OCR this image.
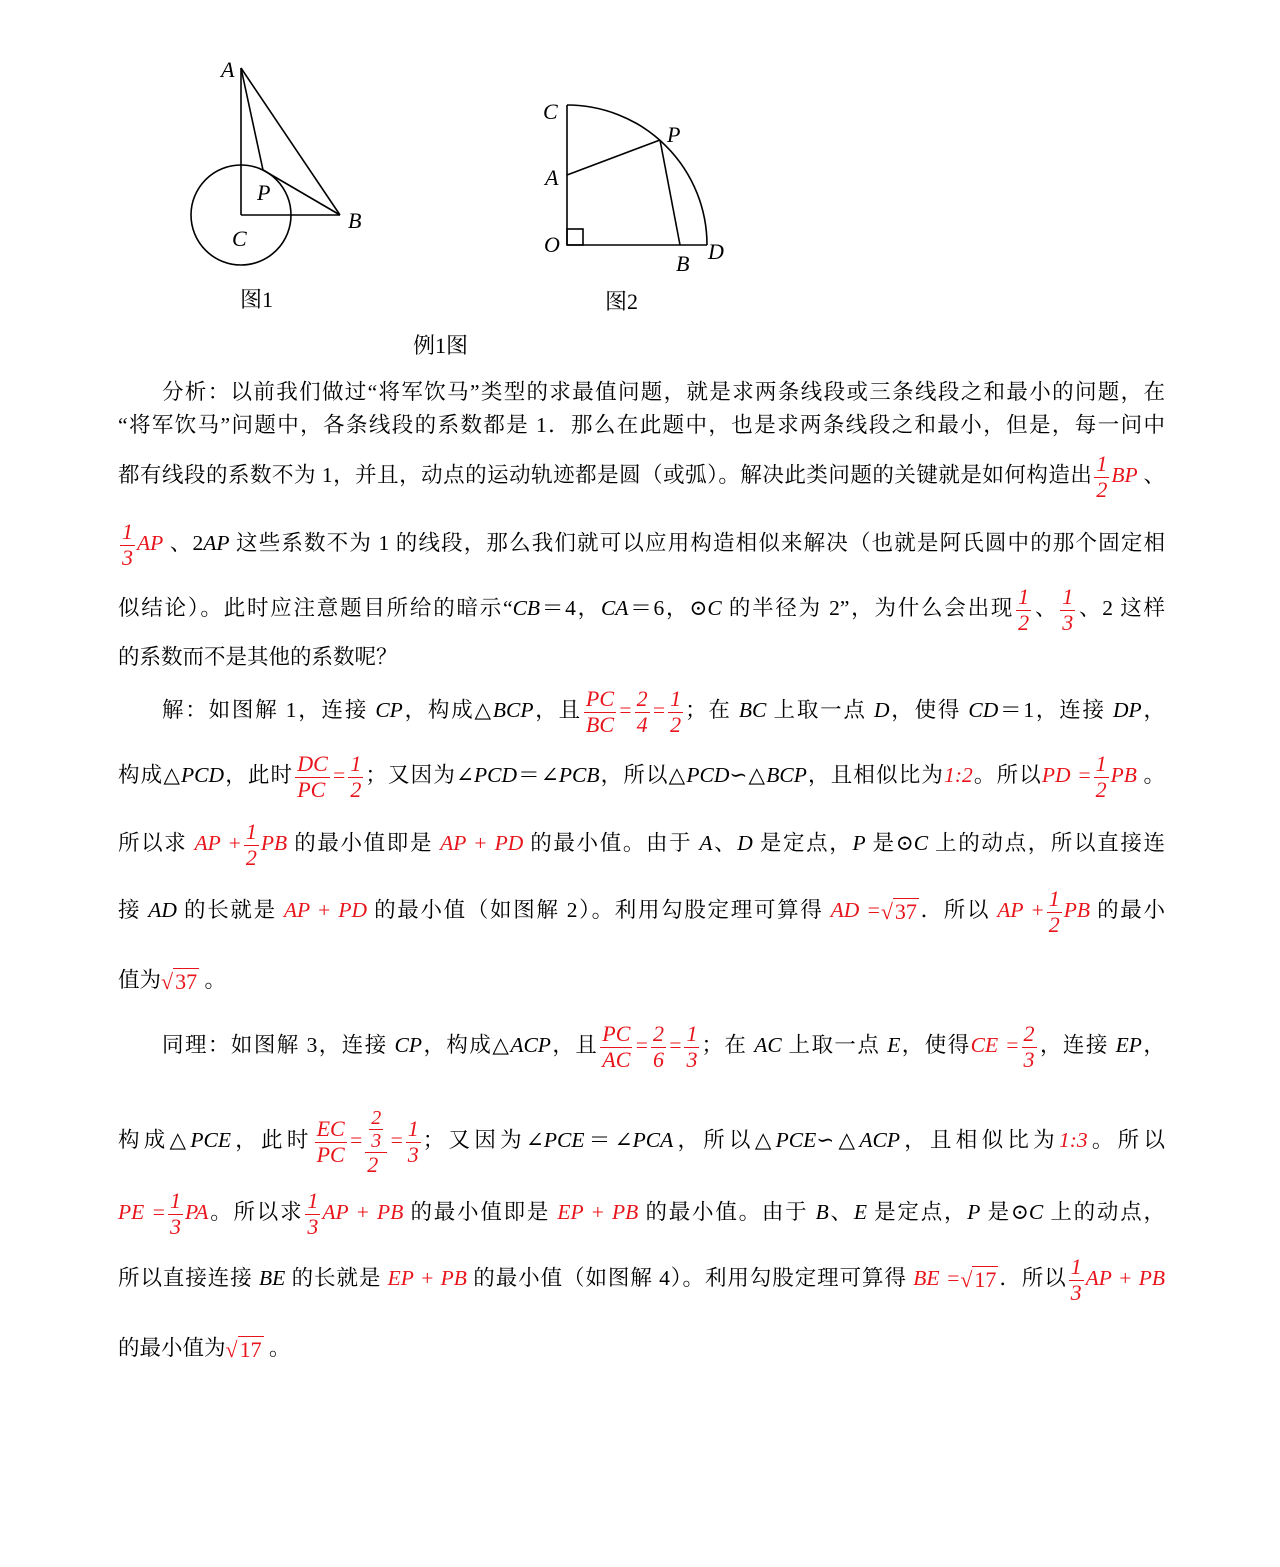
A
P
C
B
C
P
A
O
B D
图1	图2
例1图
分析：以前我们做过“将军饮马”类型的求最值问题，就是求两条线段或三条线段之和最小的问题，在
“将军饮马”问题中，各条线段的系数都是 1．那么在此题中，也是求两条线段之和最小，但是，每一问中
都有线段的系数不为 1，并且，动点的运动轨迹都是圆（或弧）。解决此类问题的关键就是如何构造出 $\frac{1}{2}$ BP 、
$\frac{1}{3}$ AP 、2AP 这些系数不为 1 的线段，那么我们就可以应用构造相似来解决（也就是阿氏圆中的那个固定相
似结论）。此时应注意题目所给的暗示“CB＝4，CA＝6，⊙C 的半径为 2”，为什么会出现 $\frac{1}{2}$ 、 $\frac{1}{3}$ 、2 这样
的系数而不是其他的系数呢？
解：如图解 1，连接 CP，构成△BCP，且 $\frac{PC}{BC} = \frac{2}{4} = \frac{1}{2}$ ；在 BC 上取一点 D，使得 CD＝1，连接 DP，
构成△PCD，此时 $\frac{DC}{PC} = \frac{1}{2}$ ；又因为∠PCD＝∠PCB，所以△PCD∽△BCP，且相似比为1:2。所以PD = $\frac{1}{2}$ PB 。
所以求 AP + $\frac{1}{2}$ PB 的最小值即是 AP + PD 的最小值。由于 A、D 是定点，P 是⊙C 上的动点，所以直接连
接 AD 的长就是 AP + PD 的最小值（如图解 2）。利用勾股定理可算得 AD =√37．所以 AP + $\frac{1}{2}$ PB 的最小
值为√37 。
同理：如图解 3，连接 CP，构成△ACP，且 $\frac{PC}{AC} = \frac{2}{6} = \frac{1}{3}$ ；在 AC 上取一点 E，使得CE = $\frac{2}{3}$ ，连接 EP，
构成△PCE，此时 $\frac{EC}{PC} = \frac{\frac{2}{3}}{2} = \frac{1}{3}$ ；又因为∠PCE＝∠PCA，所以△PCE∽△ACP，且相似比为1:3。所以
PE = $\frac{1}{3}$ PA。所以求 $\frac{1}{3}$ AP + PB 的最小值即是 EP + PB 的最小值。由于 B、E 是定点，P 是⊙C 上的动点，
所以直接连接 BE 的长就是 EP + PB 的最小值（如图解 4）。利用勾股定理可算得 BE =√17．所以 $\frac{1}{3}$ AP + PB
的最小值为√17 。
